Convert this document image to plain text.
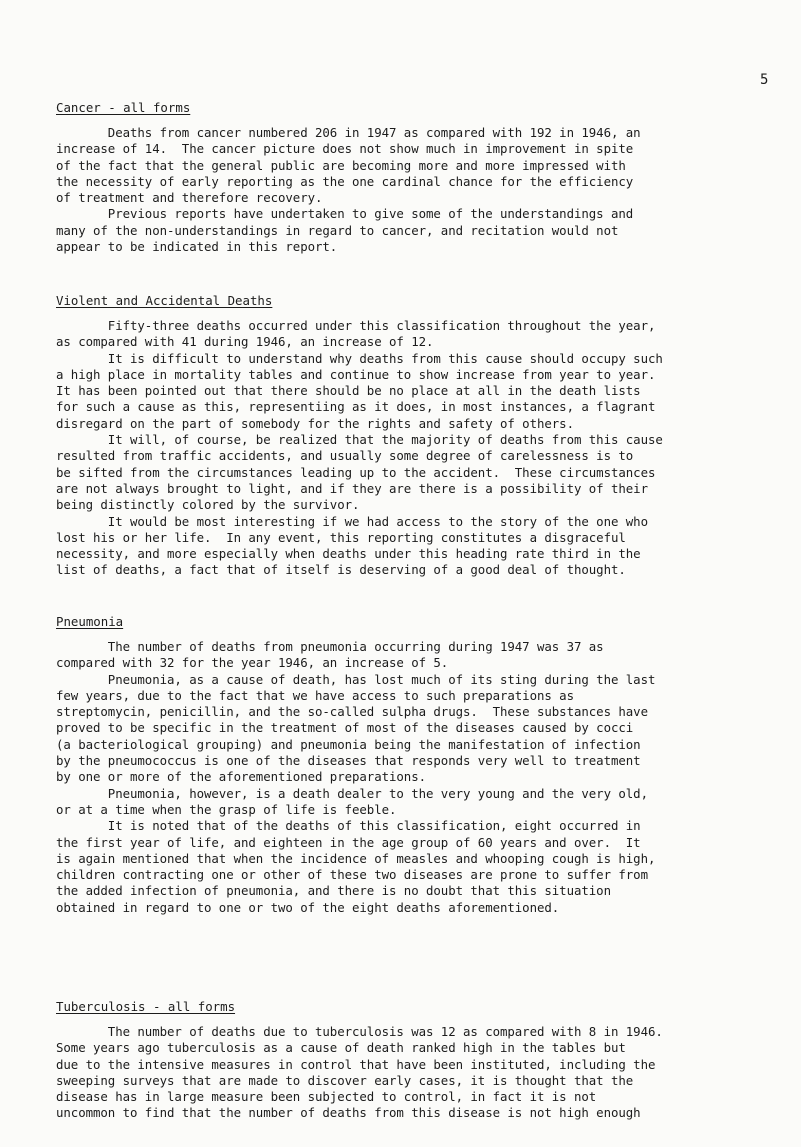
5
Cancer - all forms
Deaths from cancer numbered 206 in 1947 as compared with 192 in 1946, an
increase of 14.  The cancer picture does not show much in improvement in spite
of the fact that the general public are becoming more and more impressed with
the necessity of early reporting as the one cardinal chance for the efficiency
of treatment and therefore recovery.
Previous reports have undertaken to give some of the understandings and
many of the non-understandings in regard to cancer, and recitation would not
appear to be indicated in this report.
Violent and Accidental Deaths
Fifty-three deaths occurred under this classification throughout the year,
as compared with 41 during 1946, an increase of 12.
It is difficult to understand why deaths from this cause should occupy such
a high place in mortality tables and continue to show increase from year to year.
It has been pointed out that there should be no place at all in the death lists
for such a cause as this, representiing as it does, in most instances, a flagrant
disregard on the part of somebody for the rights and safety of others.
It will, of course, be realized that the majority of deaths from this cause
resulted from traffic accidents, and usually some degree of carelessness is to
be sifted from the circumstances leading up to the accident.  These circumstances
are not always brought to light, and if they are there is a possibility of their
being distinctly colored by the survivor.
It would be most interesting if we had access to the story of the one who
lost his or her life.  In any event, this reporting constitutes a disgraceful
necessity, and more especially when deaths under this heading rate third in the
list of deaths, a fact that of itself is deserving of a good deal of thought.
Pneumonia
The number of deaths from pneumonia occurring during 1947 was 37 as
compared with 32 for the year 1946, an increase of 5.
Pneumonia, as a cause of death, has lost much of its sting during the last
few years, due to the fact that we have access to such preparations as
streptomycin, penicillin, and the so-called sulpha drugs.  These substances have
proved to be specific in the treatment of most of the diseases caused by cocci
(a bacteriological grouping) and pneumonia being the manifestation of infection
by the pneumococcus is one of the diseases that responds very well to treatment
by one or more of the aforementioned preparations.
Pneumonia, however, is a death dealer to the very young and the very old,
or at a time when the grasp of life is feeble.
It is noted that of the deaths of this classification, eight occurred in
the first year of life, and eighteen in the age group of 60 years and over.  It
is again mentioned that when the incidence of measles and whooping cough is high,
children contracting one or other of these two diseases are prone to suffer from
the added infection of pneumonia, and there is no doubt that this situation
obtained in regard to one or two of the eight deaths aforementioned.
Tuberculosis - all forms
The number of deaths due to tuberculosis was 12 as compared with 8 in 1946.
Some years ago tuberculosis as a cause of death ranked high in the tables but
due to the intensive measures in control that have been instituted, including the
sweeping surveys that are made to discover early cases, it is thought that the
disease has in large measure been subjected to control, in fact it is not
uncommon to find that the number of deaths from this disease is not high enough
